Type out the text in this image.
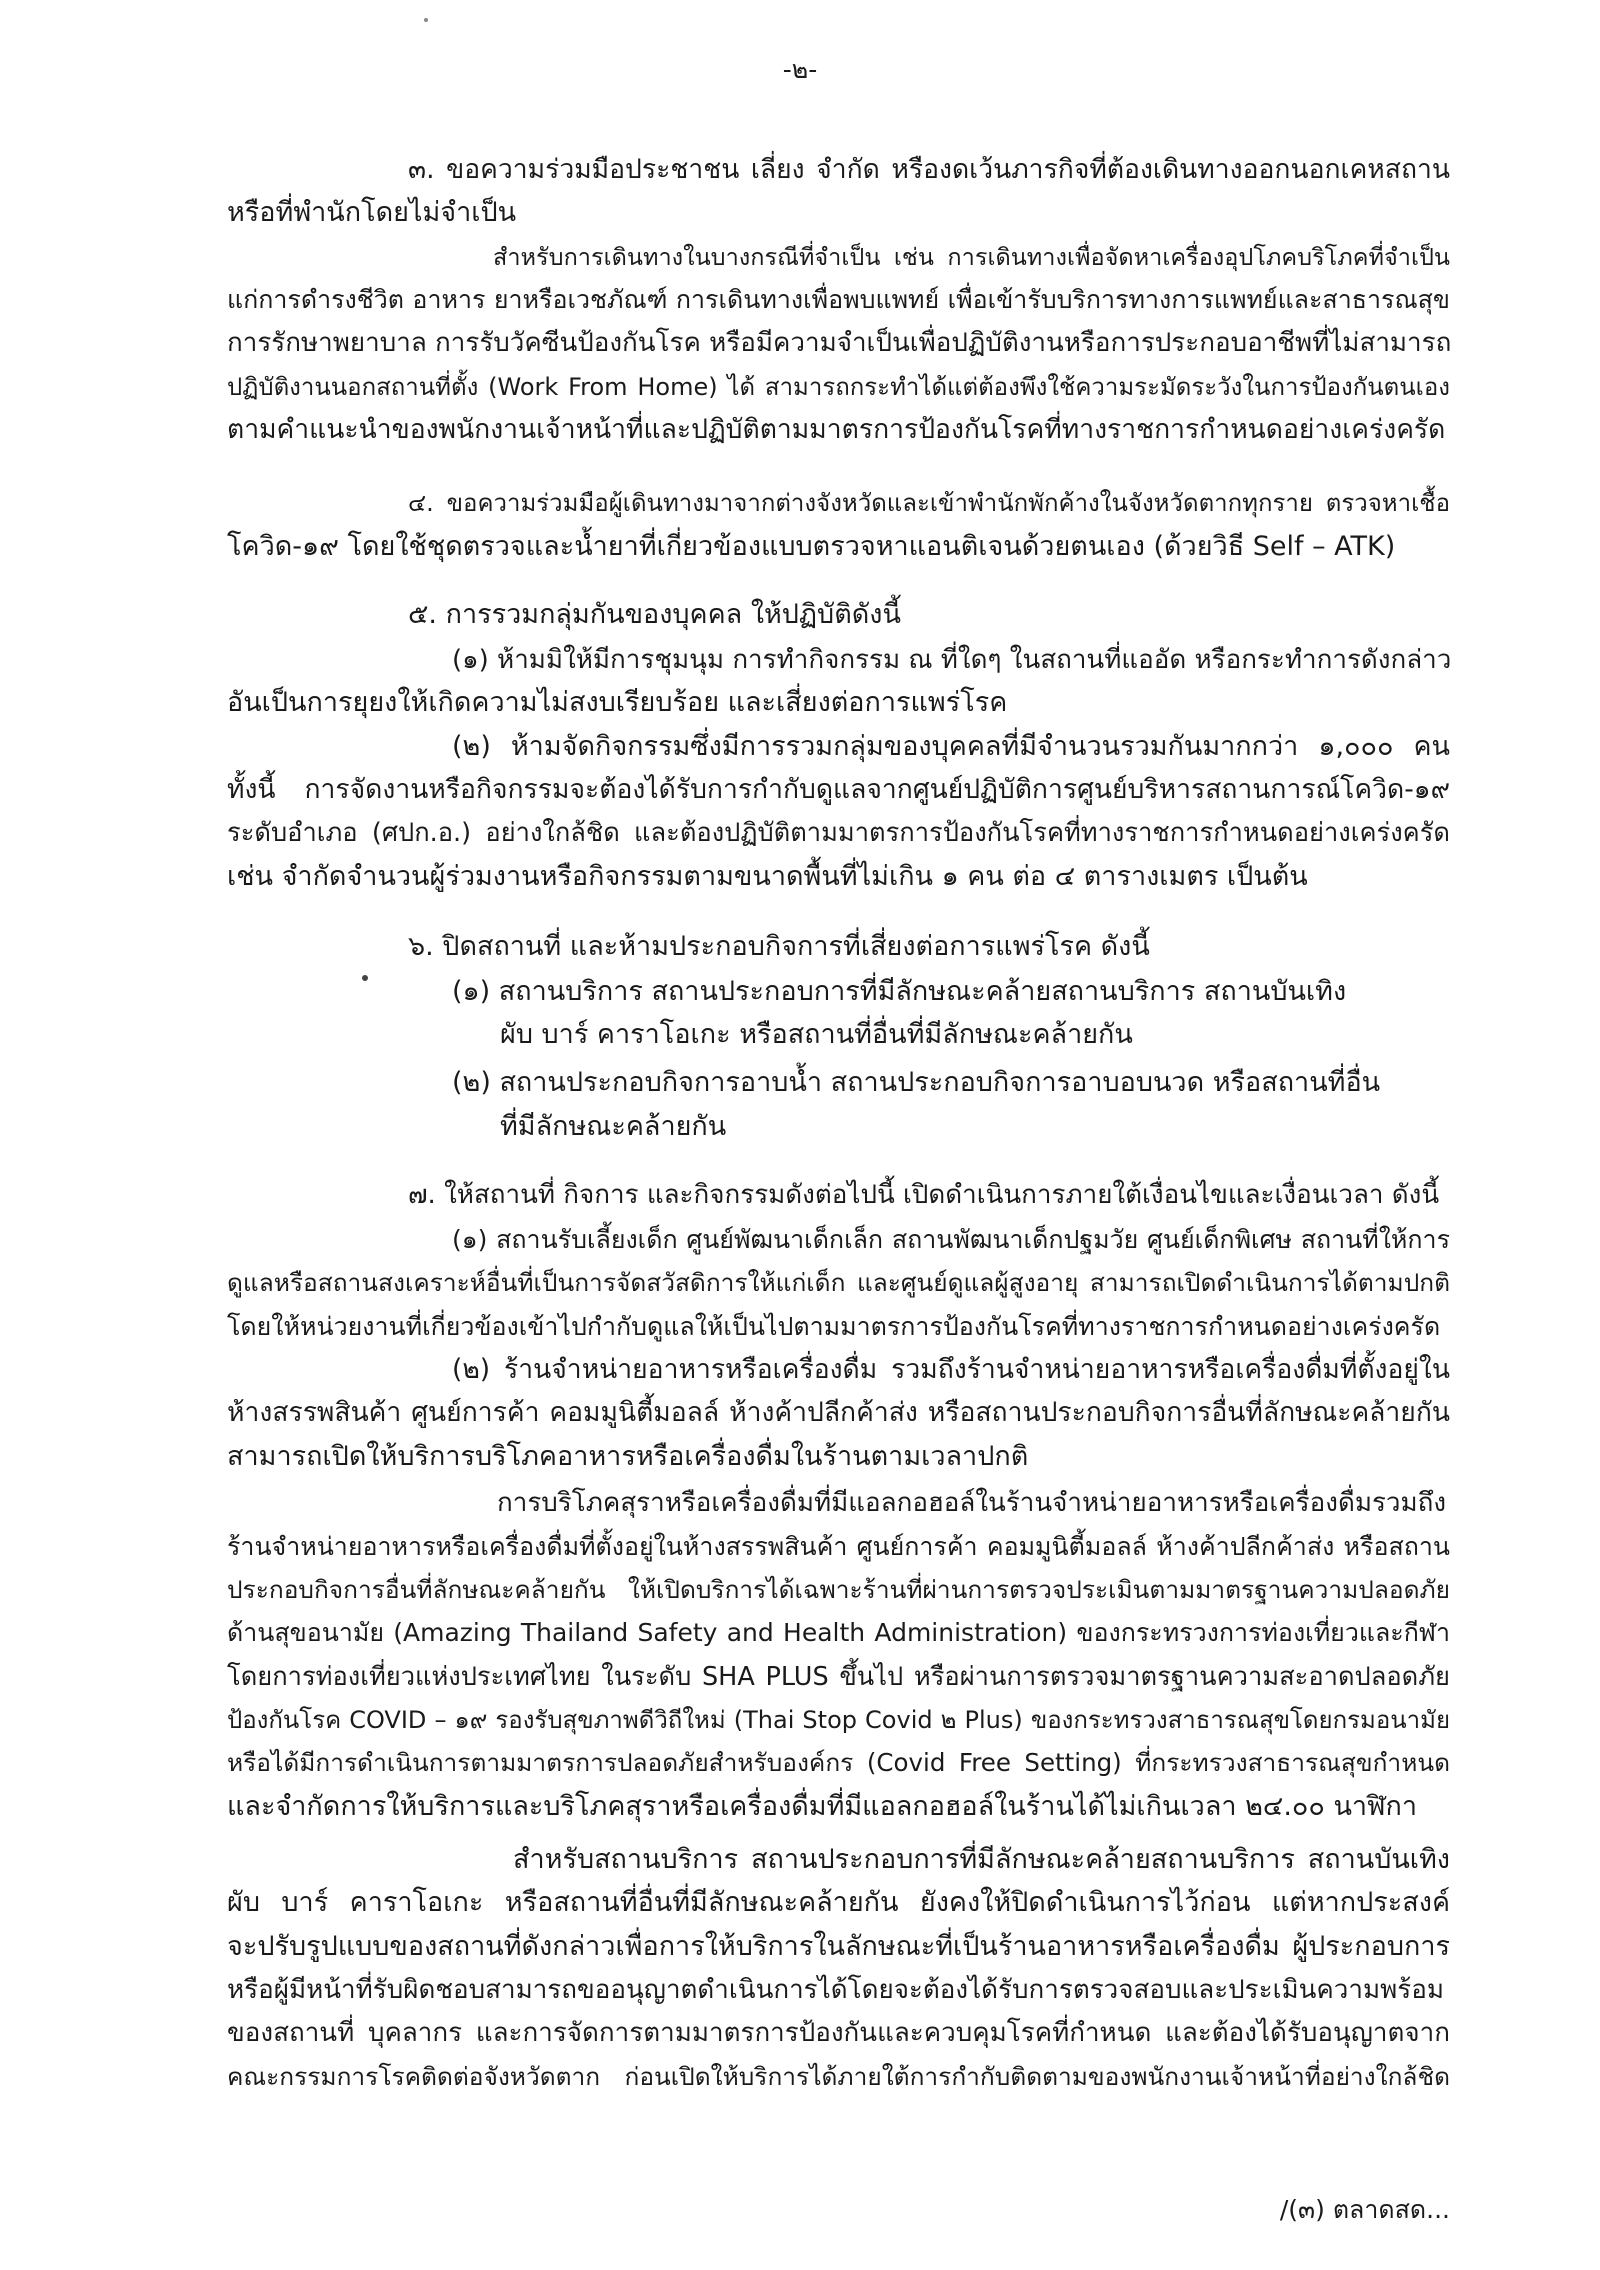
-๒-

๓. ขอความร่วมมือประชาชน เลี่ยง จำกัด หรืองดเว้นภารกิจที่ต้องเดินทางออกนอกเคหสถาน

หรือที่พำนักโดยไม่จำเป็น

สำหรับการเดินทางในบางกรณีที่จำเป็น เช่น การเดินทางเพื่อจัดหาเครื่องอุปโภคบริโภคที่จำเป็น

แก่การดำรงชีวิต อาหาร ยาหรือเวชภัณฑ์ การเดินทางเพื่อพบแพทย์ เพื่อเข้ารับบริการทางการแพทย์และสาธารณสุข

การรักษาพยาบาล การรับวัคซีนป้องกันโรค หรือมีความจำเป็นเพื่อปฏิบัติงานหรือการประกอบอาชีพที่ไม่สามารถ

ปฏิบัติงานนอกสถานที่ตั้ง (Work From Home) ได้ สามารถกระทำได้แต่ต้องพึงใช้ความระมัดระวังในการป้องกันตนเอง

ตามคำแนะนำของพนักงานเจ้าหน้าที่และปฏิบัติตามมาตรการป้องกันโรคที่ทางราชการกำหนดอย่างเคร่งครัด

๔. ขอความร่วมมือผู้เดินทางมาจากต่างจังหวัดและเข้าพำนักพักค้างในจังหวัดตากทุกราย ตรวจหาเชื้อ

โควิด-๑๙ โดยใช้ชุดตรวจและน้ำยาที่เกี่ยวข้องแบบตรวจหาแอนติเจนด้วยตนเอง (ด้วยวิธี Self – ATK)

๕. การรวมกลุ่มกันของบุคคล ให้ปฏิบัติดังนี้

(๑) ห้ามมิให้มีการชุมนุม การทำกิจกรรม ณ ที่ใดๆ ในสถานที่แออัด หรือกระทำการดังกล่าว

อันเป็นการยุยงให้เกิดความไม่สงบเรียบร้อย และเสี่ยงต่อการแพร่โรค

(๒) ห้ามจัดกิจกรรมซึ่งมีการรวมกลุ่มของบุคคลที่มีจำนวนรวมกันมากกว่า ๑,๐๐๐ คน

ทั้งนี้ การจัดงานหรือกิจกรรมจะต้องได้รับการกำกับดูแลจากศูนย์ปฏิบัติการศูนย์บริหารสถานการณ์โควิด-๑๙

ระดับอำเภอ (ศปก.อ.) อย่างใกล้ชิด และต้องปฏิบัติตามมาตรการป้องกันโรคที่ทางราชการกำหนดอย่างเคร่งครัด

เช่น จำกัดจำนวนผู้ร่วมงานหรือกิจกรรมตามขนาดพื้นที่ไม่เกิน ๑ คน ต่อ ๔ ตารางเมตร เป็นต้น

๖. ปิดสถานที่ และห้ามประกอบกิจการที่เสี่ยงต่อการแพร่โรค ดังนี้

(๑) สถานบริการ สถานประกอบการที่มีลักษณะคล้ายสถานบริการ สถานบันเทิง

ผับ บาร์ คาราโอเกะ หรือสถานที่อื่นที่มีลักษณะคล้ายกัน

(๒) สถานประกอบกิจการอาบน้ำ สถานประกอบกิจการอาบอบนวด หรือสถานที่อื่น

ที่มีลักษณะคล้ายกัน

๗. ให้สถานที่ กิจการ และกิจกรรมดังต่อไปนี้ เปิดดำเนินการภายใต้เงื่อนไขและเงื่อนเวลา ดังนี้

(๑) สถานรับเลี้ยงเด็ก ศูนย์พัฒนาเด็กเล็ก สถานพัฒนาเด็กปฐมวัย ศูนย์เด็กพิเศษ สถานที่ให้การ

ดูแลหรือสถานสงเคราะห์อื่นที่เป็นการจัดสวัสดิการให้แก่เด็ก และศูนย์ดูแลผู้สูงอายุ สามารถเปิดดำเนินการได้ตามปกติ

โดยให้หน่วยงานที่เกี่ยวข้องเข้าไปกำกับดูแลให้เป็นไปตามมาตรการป้องกันโรคที่ทางราชการกำหนดอย่างเคร่งครัด

(๒) ร้านจำหน่ายอาหารหรือเครื่องดื่ม รวมถึงร้านจำหน่ายอาหารหรือเครื่องดื่มที่ตั้งอยู่ใน

ห้างสรรพสินค้า ศูนย์การค้า คอมมูนิตี้มอลล์ ห้างค้าปลีกค้าส่ง หรือสถานประกอบกิจการอื่นที่ลักษณะคล้ายกัน

สามารถเปิดให้บริการบริโภคอาหารหรือเครื่องดื่มในร้านตามเวลาปกติ

การบริโภคสุราหรือเครื่องดื่มที่มีแอลกอฮอล์ในร้านจำหน่ายอาหารหรือเครื่องดื่มรวมถึง

ร้านจำหน่ายอาหารหรือเครื่องดื่มที่ตั้งอยู่ในห้างสรรพสินค้า ศูนย์การค้า คอมมูนิตี้มอลล์ ห้างค้าปลีกค้าส่ง หรือสถาน

ประกอบกิจการอื่นที่ลักษณะคล้ายกัน ให้เปิดบริการได้เฉพาะร้านที่ผ่านการตรวจประเมินตามมาตรฐานความปลอดภัย

ด้านสุขอนามัย (Amazing Thailand Safety and Health Administration) ของกระทรวงการท่องเที่ยวและกีฬา

โดยการท่องเที่ยวแห่งประเทศไทย ในระดับ SHA PLUS ขึ้นไป หรือผ่านการตรวจมาตรฐานความสะอาดปลอดภัย

ป้องกันโรค COVID – ๑๙ รองรับสุขภาพดีวิถีใหม่ (Thai Stop Covid ๒ Plus) ของกระทรวงสาธารณสุขโดยกรมอนามัย

หรือได้มีการดำเนินการตามมาตรการปลอดภัยสำหรับองค์กร (Covid Free Setting) ที่กระทรวงสาธารณสุขกำหนด

และจำกัดการให้บริการและบริโภคสุราหรือเครื่องดื่มที่มีแอลกอฮอล์ในร้านได้ไม่เกินเวลา ๒๔.๐๐ นาฬิกา

สำหรับสถานบริการ สถานประกอบการที่มีลักษณะคล้ายสถานบริการ สถานบันเทิง

ผับ บาร์ คาราโอเกะ หรือสถานที่อื่นที่มีลักษณะคล้ายกัน ยังคงให้ปิดดำเนินการไว้ก่อน แต่หากประสงค์

จะปรับรูปแบบของสถานที่ดังกล่าวเพื่อการให้บริการในลักษณะที่เป็นร้านอาหารหรือเครื่องดื่ม ผู้ประกอบการ

หรือผู้มีหน้าที่รับผิดชอบสามารถขออนุญาตดำเนินการได้โดยจะต้องได้รับการตรวจสอบและประเมินความพร้อม

ของสถานที่ บุคลากร และการจัดการตามมาตรการป้องกันและควบคุมโรคที่กำหนด และต้องได้รับอนุญาตจาก

คณะกรรมการโรคติดต่อจังหวัดตาก ก่อนเปิดให้บริการได้ภายใต้การกำกับติดตามของพนักงานเจ้าหน้าที่อย่างใกล้ชิด

/(๓) ตลาดสด...
